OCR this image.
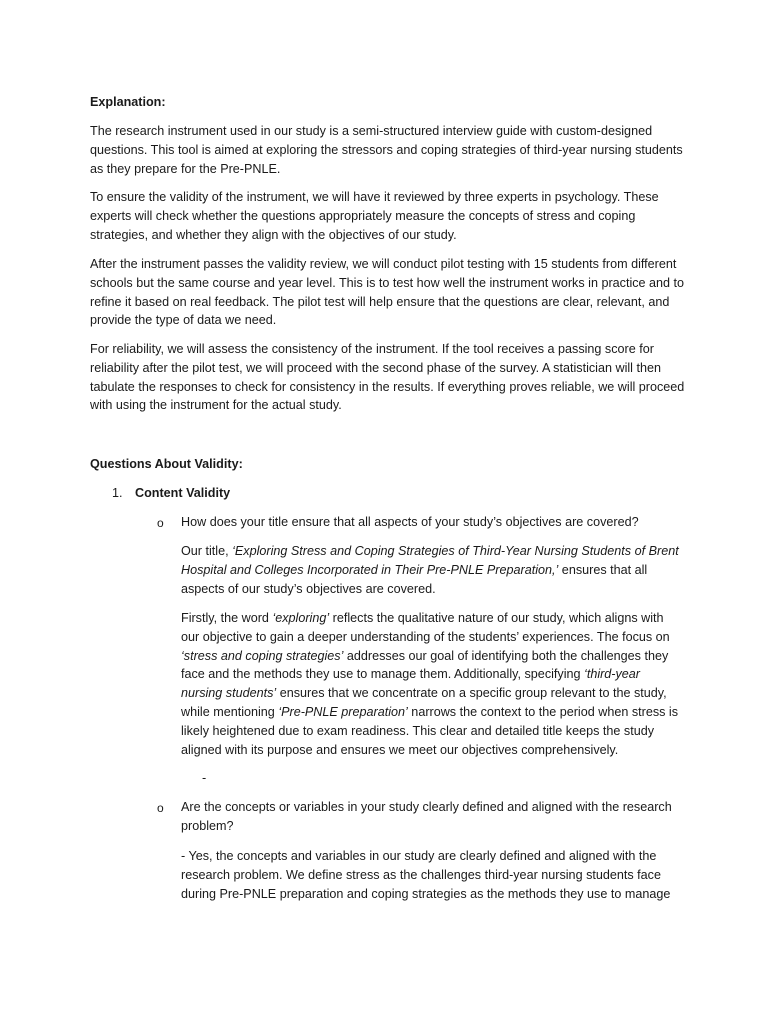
Explanation:

The research instrument used in our study is a semi-structured interview guide with custom-designed questions. This tool is aimed at exploring the stressors and coping strategies of third-year nursing students as they prepare for the Pre-PNLE.

To ensure the validity of the instrument, we will have it reviewed by three experts in psychology. These experts will check whether the questions appropriately measure the concepts of stress and coping strategies, and whether they align with the objectives of our study.

After the instrument passes the validity review, we will conduct pilot testing with 15 students from different schools but the same course and year level. This is to test how well the instrument works in practice and to refine it based on real feedback. The pilot test will help ensure that the questions are clear, relevant, and provide the type of data we need.

For reliability, we will assess the consistency of the instrument. If the tool receives a passing score for reliability after the pilot test, we will proceed with the second phase of the survey. A statistician will then tabulate the responses to check for consistency in the results. If everything proves reliable, we will proceed with using the instrument for the actual study.

Questions About Validity:

1. Content Validity

o How does your title ensure that all aspects of your study’s objectives are covered?

Our title, ‘Exploring Stress and Coping Strategies of Third-Year Nursing Students of Brent Hospital and Colleges Incorporated in Their Pre-PNLE Preparation,’ ensures that all aspects of our study’s objectives are covered.

Firstly, the word ‘exploring’ reflects the qualitative nature of our study, which aligns with our objective to gain a deeper understanding of the students’ experiences. The focus on ‘stress and coping strategies’ addresses our goal of identifying both the challenges they face and the methods they use to manage them. Additionally, specifying ‘third-year nursing students’ ensures that we concentrate on a specific group relevant to the study, while mentioning ‘Pre-PNLE preparation’ narrows the context to the period when stress is likely heightened due to exam readiness. This clear and detailed title keeps the study aligned with its purpose and ensures we meet our objectives comprehensively.

-
o Are the concepts or variables in your study clearly defined and aligned with the research problem?

- Yes, the concepts and variables in our study are clearly defined and aligned with the research problem. We define stress as the challenges third-year nursing students face during Pre-PNLE preparation and coping strategies as the methods they use to manage
